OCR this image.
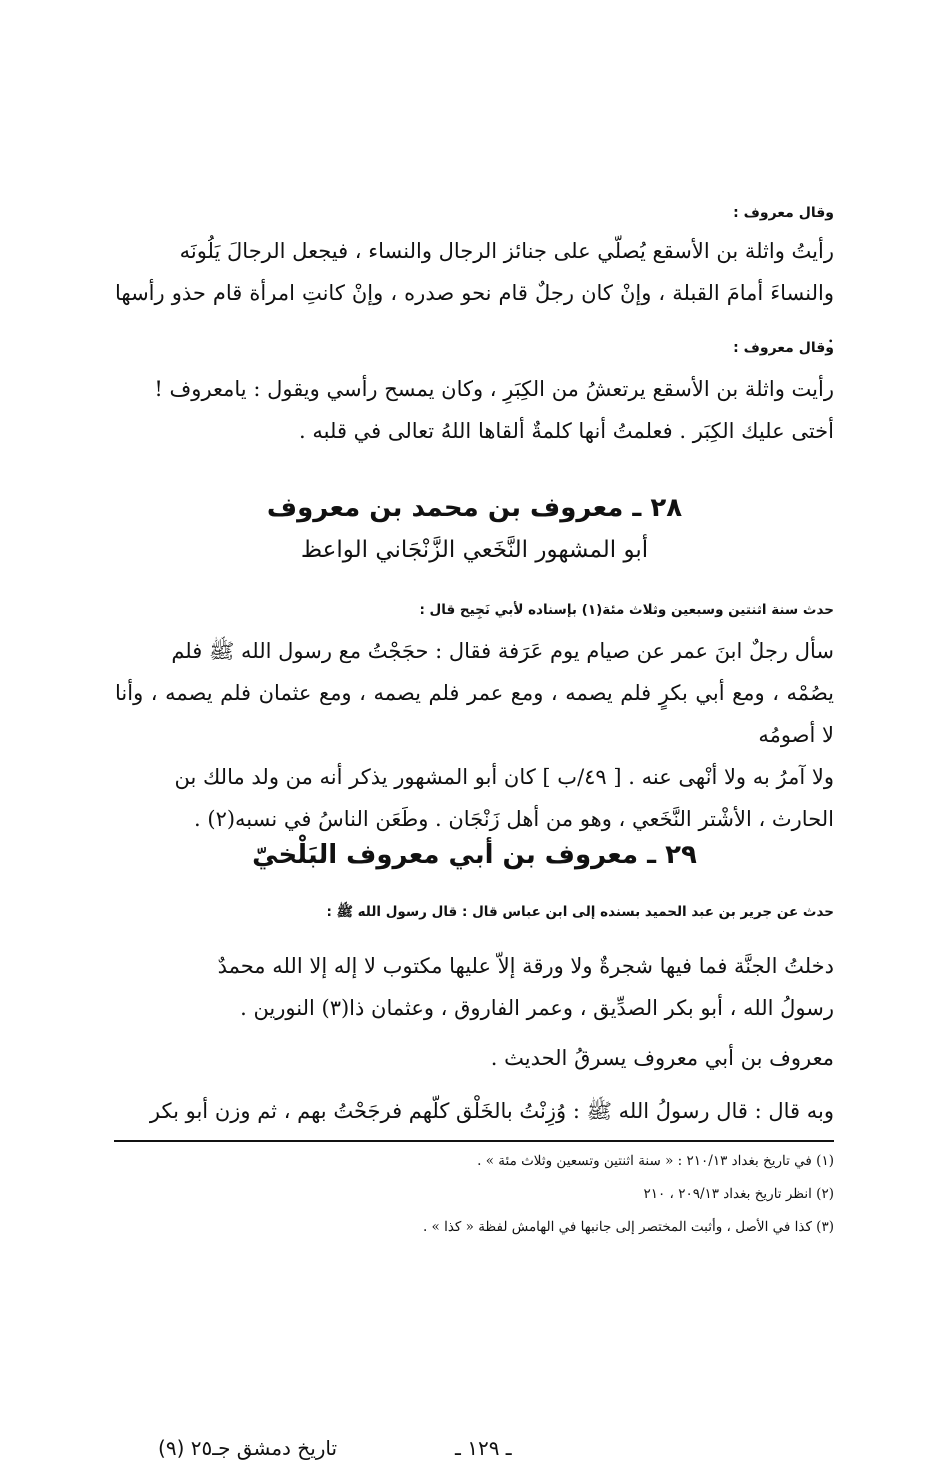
وقال معروف :
رأيتُ واثلة بن الأسقع يُصلّي على جنائز الرجال والنساء ، فيجعل الرجالَ يَلُونَه
والنساءَ أمامَ القبلة ، وإنْ كان رجلٌ قام نحو صدره ، وإنْ كانتِ امرأة قام حذو رأسها .
وقال معروف :
رأيت واثلة بن الأسقع يرتعشُ من الكِبَرِ ، وكان يمسح رأسي ويقول : يامعروف !
أختى عليك الكِبَر . فعلمتُ أنها كلمةٌ ألقاها اللهُ تعالى في قلبه .
٢٨ ـ معروف بن محمد بن معروف
أبو المشهور النَّخَعي الزَّنْجَاني الواعظ
حدث سنة اثنتين وسبعين وثلاث مئة(١) بإسناده لأبي نَجِيح قال :
سأل رجلٌ ابنَ عمر عن صيام يوم عَرَفة فقال : حجَجْتُ مع رسول الله ﷺ فلم
يصُمْه ، ومع أبي بكرٍ فلم يصمه ، ومع عمر فلم يصمه ، ومع عثمان فلم يصمه ، وأنا لا أصومُه
ولا آمرُ به ولا أنْهى عنه . [ ٤٩/ب ] كان أبو المشهور يذكر أنه من ولد مالك بن
الحارث ، الأشْتر النَّخَعي ، وهو من أهل زَنْجَان . وطَعَن الناسُ في نسبه(٢) .
٢٩ ـ معروف بن أبي معروف البَلْخيّ
حدث عن جرير بن عبد الحميد بسنده إلى ابن عباس قال : قال رسول الله ﷺ :
دخلتُ الجنَّة فما فيها شجرةٌ ولا ورقة إلاّ عليها مكتوب لا إله إلا الله محمدٌ
رسولُ الله ، أبو بكر الصدِّيق ، وعمر الفاروق ، وعثمان ذا(٣) النورين .
معروف بن أبي معروف يسرقُ الحديث .
وبه قال : قال رسولُ الله ﷺ : وُزِنْتُ بالخَلْق كلّهم فرجَحْتُ بهم ، ثم وزن أبو بكر
(١) في تاريخ بغداد ٢١٠/١٣ : « سنة اثنتين وتسعين وثلاث مئة » .
(٢) انظر تاريخ بغداد ٢٠٩/١٣ ، ٢١٠
(٣) كذا في الأصل ، وأثبت المختصر إلى جانبها في الهامش لفظة « كذا » .
ـ ١٢٩ ـ
تاريخ دمشق جـ٢٥ (٩)
